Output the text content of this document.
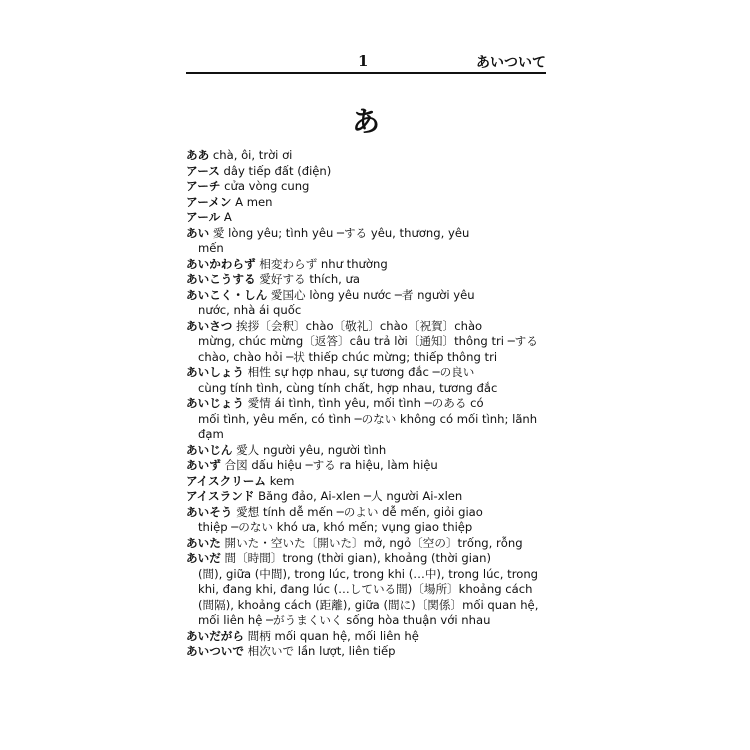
1	あいついて
あ
ああ chà, ôi, trời ơi
アース dây tiếp đất (điện)
アーチ cửa vòng cung
アーメン A men
アール A
あい 愛 lòng yêu; tình yêu ─する yêu, thương, yêu
mến
あいかわらず 相変わらず như thường
あいこうする 愛好する thích, ưa
あいこく・しん 愛国心 lòng yêu nước ─者 người yêu
nước, nhà ái quốc
あいさつ 挨拶〔会釈〕chào〔敬礼〕chào〔祝賀〕chào
mừng, chúc mừng〔返答〕câu trả lời〔通知〕thông tri ─する chào, chào hỏi ─状 thiếp chúc mừng; thiếp thông tri
あいしょう 相性 sự hợp nhau, sự tương đắc ─の良い
cùng tính tình, cùng tính chất, hợp nhau, tương đắc
あいじょう 愛情 ái tình, tình yêu, mối tình ─のある có
mối tình, yêu mến, có tình ─のない không có mối tình; lãnh đạm
あいじん 愛人 người yêu, người tình
あいず 合図 dấu hiệu ─する ra hiệu, làm hiệu
アイスクリーム kem
アイスランド Băng đảo, Ai-xlen ─人 người Ai-xlen
あいそう 愛想 tính dễ mến ─のよい dễ mến, giỏi giao
thiệp ─のない khó ưa, khó mến; vụng giao thiệp
あいた 開いた・空いた〔開いた〕mở, ngỏ〔空の〕trống, rỗng
あいだ 間〔時間〕trong (thời gian), khoảng (thời gian)
(間), giữa (中間), trong lúc, trong khi (…中), trong lúc, trong khi, đang khi, đang lúc (…している間)〔場所〕khoảng cách (間隔), khoảng cách (距離), giữa (間に)〔関係〕mối quan hệ, mối liên hệ ─がうまくいく sống hòa thuận với nhau
あいだがら 間柄 mối quan hệ, mối liên hệ
あいついで 相次いで lần lượt, liên tiếp
